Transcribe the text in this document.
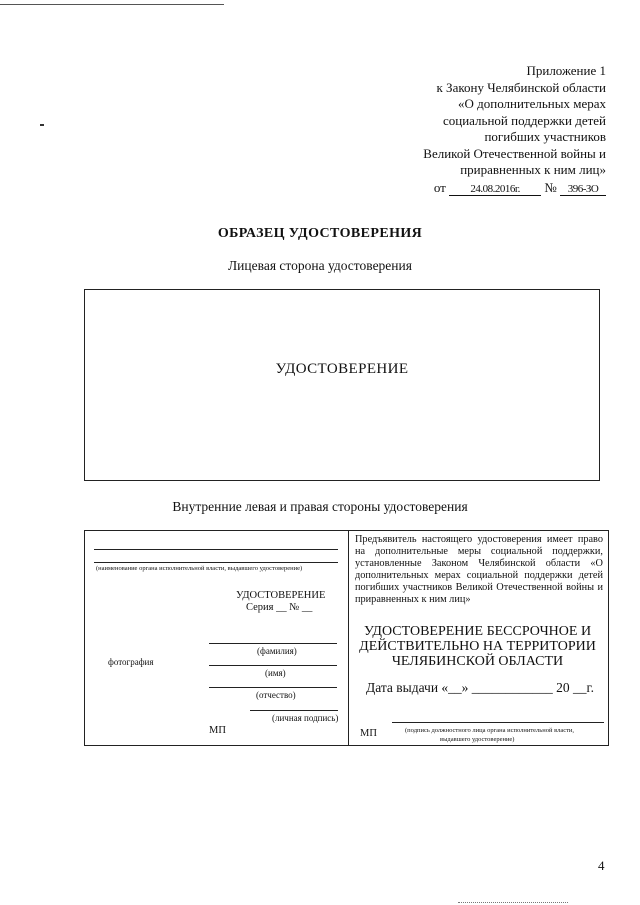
Приложение 1
к Закону Челябинской области
«О дополнительных мерах
социальной поддержки детей
погибших участников
Великой Отечественной войны и
приравненных к ним лиц»
от 24.08.2016г. № 396-ЗО
ОБРАЗЕЦ УДОСТОВЕРЕНИЯ
Лицевая сторона удостоверения
УДОСТОВЕРЕНИЕ
Внутренние левая и правая стороны удостоверения
(наименование органа исполнительной власти, выдавшего удостоверение)
УДОСТОВЕРЕНИЕ
Серия __ № __
(фамилия)
фотография
(имя)
(отчество)
(личная подпись)
МП
Предъявитель настоящего удостоверения имеет право на дополнительные меры социальной поддержки, установленные Законом Челябинской области «О дополнительных мерах социальной поддержки детей погибших участников Великой Отечественной войны и приравненных к ним лиц»
УДОСТОВЕРЕНИЕ БЕССРОЧНОЕ И ДЕЙСТВИТЕЛЬНО НА ТЕРРИТОРИИ ЧЕЛЯБИНСКОЙ ОБЛАСТИ
Дата выдачи «__» ____________ 20 __г.
МП	(подпись должностного лица органа исполнительной власти,
выдавшего удостоверение)
4
